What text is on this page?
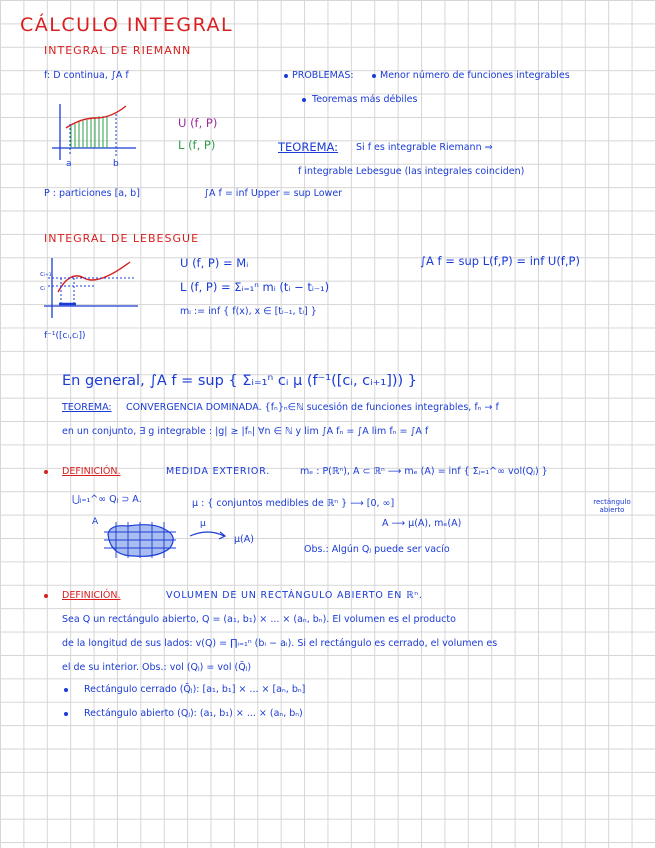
CÁLCULO INTEGRAL
INTEGRAL DE RIEMANN
f: D continua, ∫A f
a	b
U (f, P)
L (f, P)
PROBLEMAS:	Menor número de funciones integrables
Teoremas más débiles
TEOREMA: Si f es integrable Riemann ⇒
f integrable Lebesgue (las integrales coinciden)
P : particiones [a, b]	∫A f = inf Upper = sup Lower
INTEGRAL DE LEBESGUE
cᵢ₊₁
cᵢ
f⁻¹([cᵢ,cᵢ])
U (f, P) = Mᵢ
L (f, P) = Σᵢ₌₁ⁿ mᵢ (tᵢ − tᵢ₋₁)
mᵢ := inf { f(x), x ∈ [tᵢ₋₁, tᵢ] }
∫A f = sup L(f,P) = inf U(f,P)
En general, ∫A f = sup { Σᵢ₌₁ⁿ cᵢ μ (f⁻¹([cᵢ, cᵢ₊₁])) }
TEOREMA: CONVERGENCIA DOMINADA. {fₙ}ₙ∈ℕ sucesión de funciones integrables, fₙ → f
en un conjunto, ∃ g integrable : |g| ≥ |fₙ| ∀n ∈ ℕ y lim ∫A fₙ = ∫A lim fₙ = ∫A f
DEFINICIÓN.	MEDIDA EXTERIOR.	mₑ : P(ℝⁿ), A ⊂ ℝⁿ ⟶ mₑ (A) = inf { Σⱼ₌₁^∞ vol(Qⱼ) }
rectángulo abierto
⋃ⱼ₌₁^∞ Qⱼ ⊃ A.	μ : { conjuntos medibles de ℝⁿ } ⟶ [0, ∞]
A ⟶ μ(A), mₑ(A)
A	μ
μ(A)
Obs.: Algún Qⱼ puede ser vacío
DEFINICIÓN.	VOLUMEN DE UN RECTÁNGULO ABIERTO EN ℝⁿ.
Sea Q un rectángulo abierto, Q = (a₁, b₁) × ... × (aₙ, bₙ). El volumen es el producto
de la longitud de sus lados: v(Q) = ∏ᵢ₌₁ⁿ (bᵢ − aᵢ). Si el rectángulo es cerrado, el volumen es
el de su interior. Obs.: vol (Qⱼ) = vol (Q̄ⱼ)
Rectángulo cerrado (Q̄ⱼ): [a₁, b₁] × ... × [aₙ, bₙ]
Rectángulo abierto (Qⱼ): (a₁, b₁) × ... × (aₙ, bₙ)
